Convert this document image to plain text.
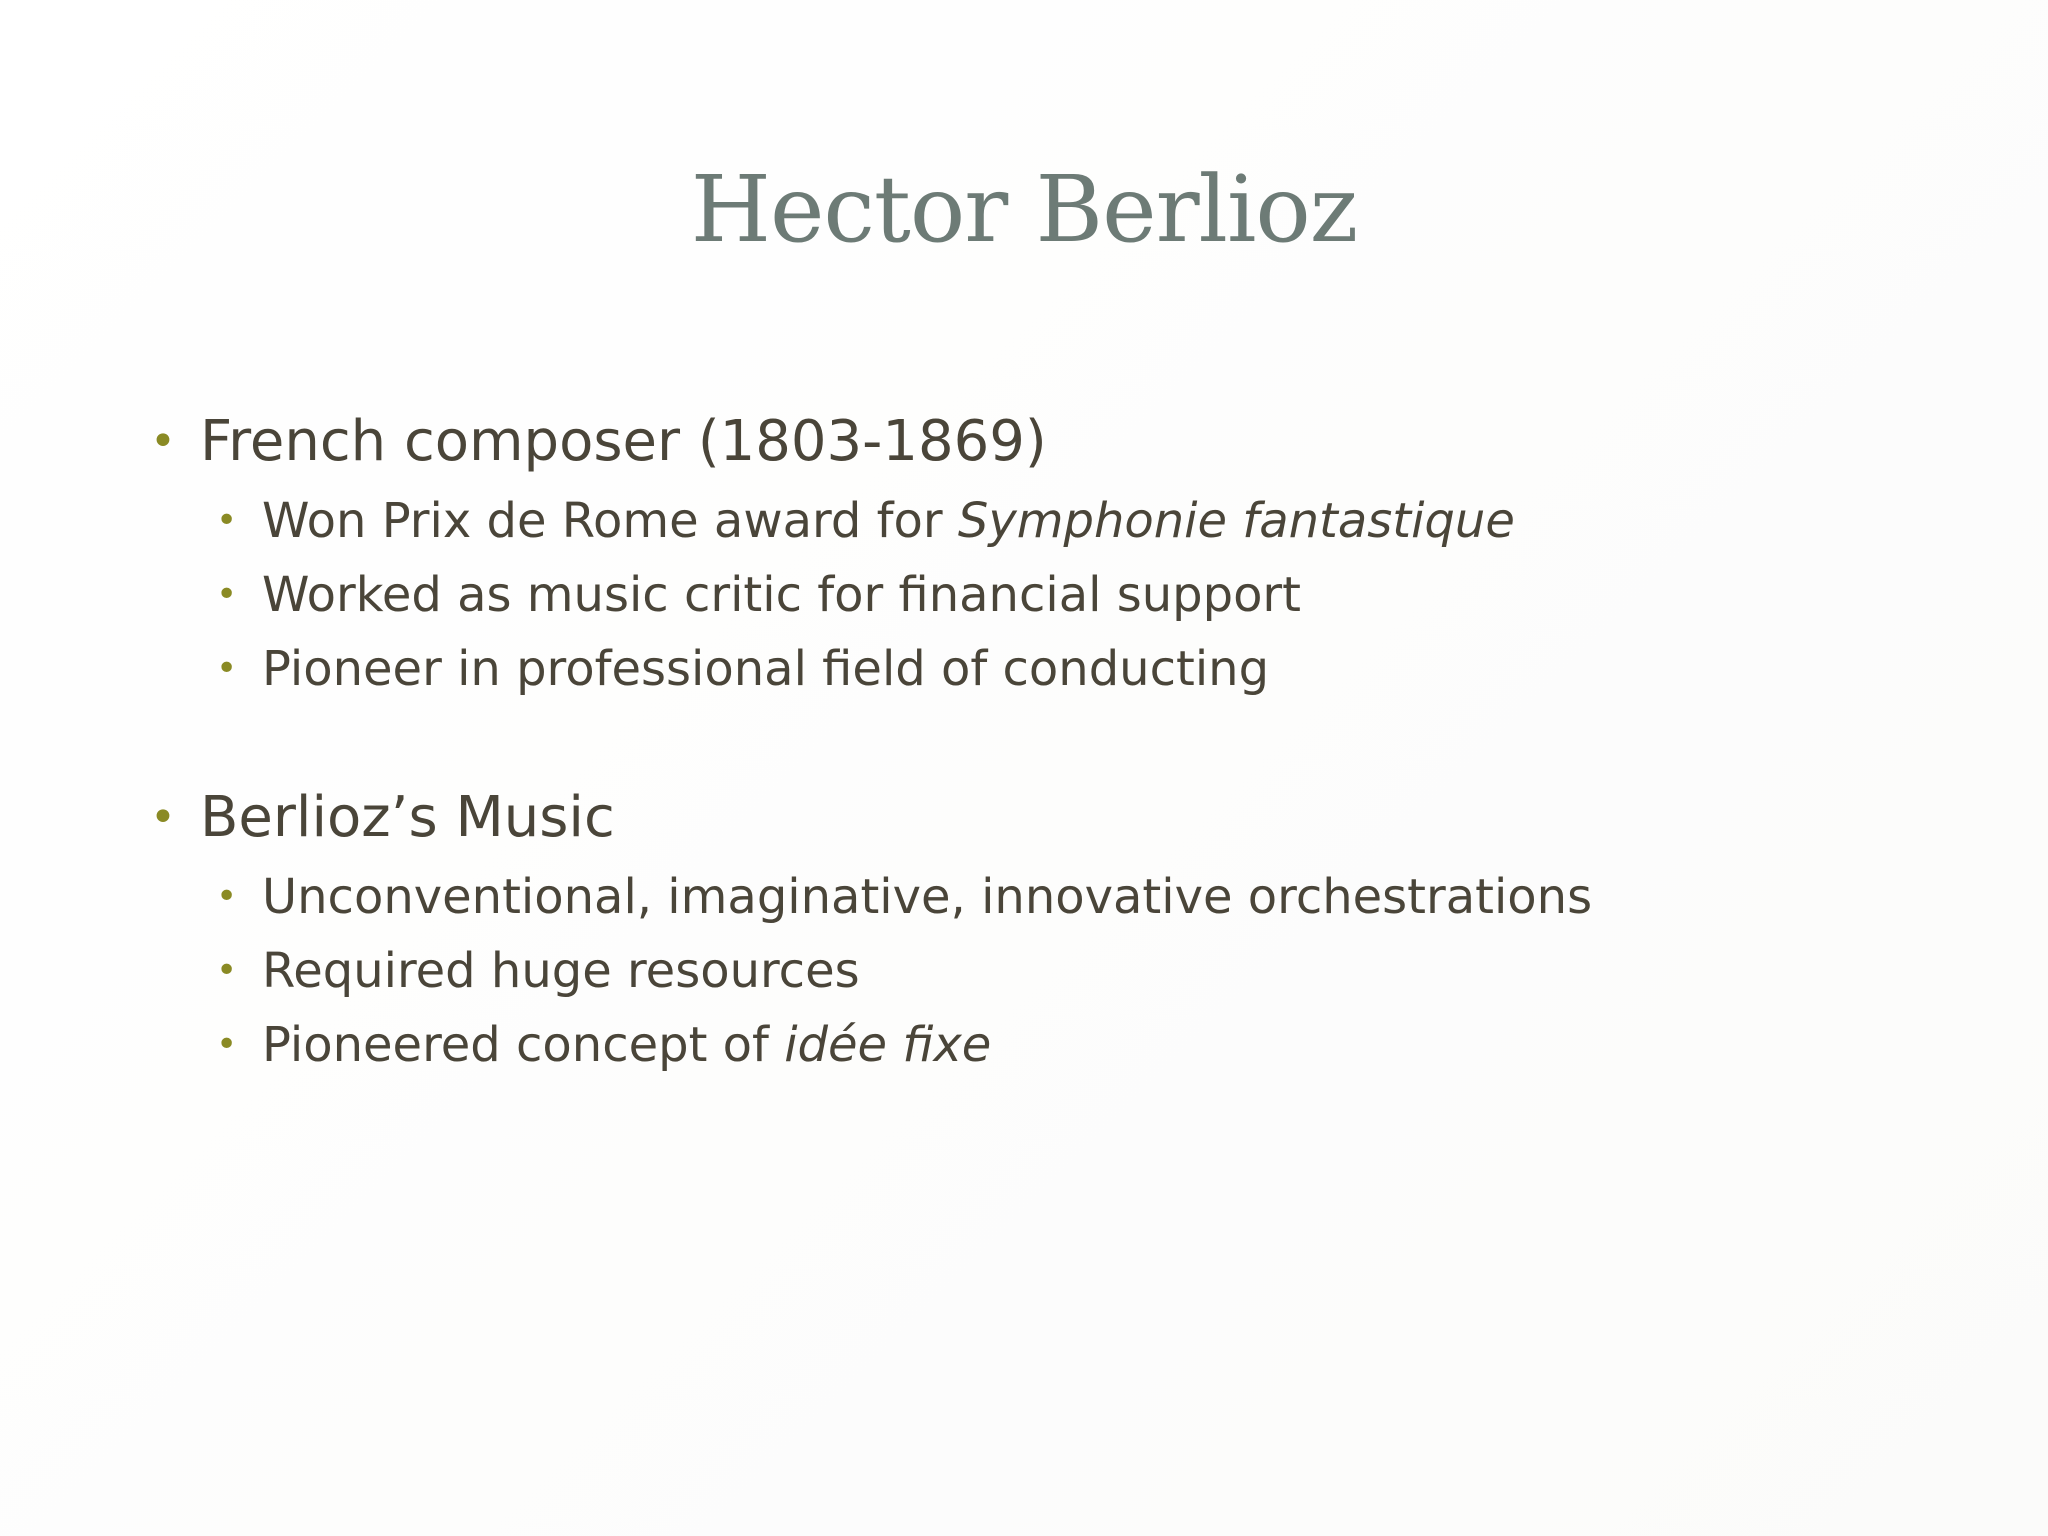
Hector Berlioz
• French composer (1803-1869)
• Won Prix de Rome award for Symphonie fantastique
• Worked as music critic for financial support
• Pioneer in professional field of conducting
• Berlioz’s Music
• Unconventional, imaginative, innovative orchestrations
• Required huge resources
• Pioneered concept of idée fixe
